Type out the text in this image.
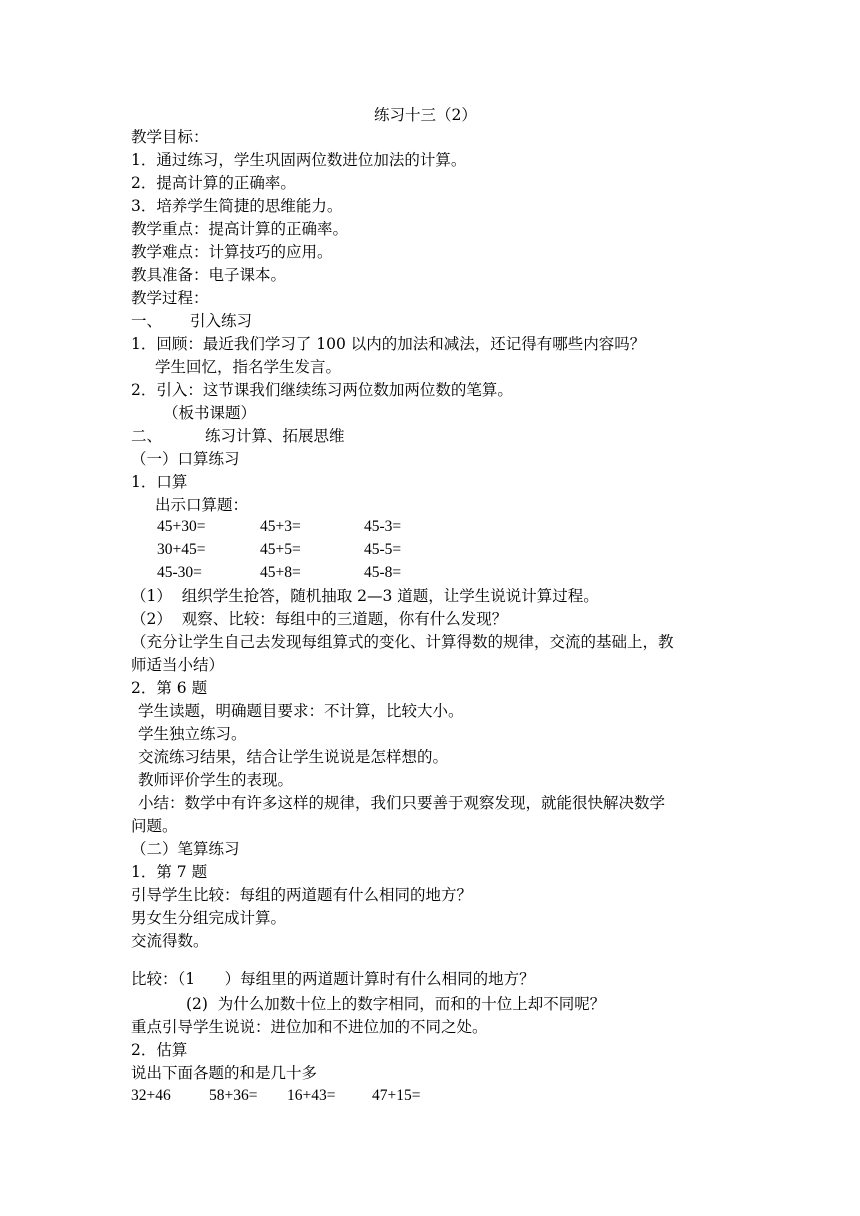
练习十三（2）
教学目标：
1．通过练习，学生巩固两位数进位加法的计算。
2．提高计算的正确率。
3．培养学生简捷的思维能力。
教学重点：提高计算的正确率。
教学难点：计算技巧的应用。
教具准备：电子课本。
教学过程：
一、 引入练习
1．回顾：最近我们学习了 100 以内的加法和减法，还记得有哪些内容吗？
学生回忆，指名学生发言。
2．引入：这节课我们继续练习两位数加两位数的笔算。
（板书课题）
二、	练习计算、拓展思维
（一）口算练习
1．口算
出示口算题：
45+30=	45+3=	45-3=
30+45=	45+5=	45-5=
45-30=	45+8=	45-8=
（1）  组织学生抢答，随机抽取 2—3 道题，让学生说说计算过程。
（2）  观察、比较：每组中的三道题，你有什么发现？
（充分让学生自己去发现每组算式的变化、计算得数的规律，交流的基础上，教
师适当小结）
2．第 6 题
学生读题，明确题目要求：不计算，比较大小。
学生独立练习。
交流练习结果，结合让学生说说是怎样想的。
教师评价学生的表现。
小结：数学中有许多这样的规律，我们只要善于观察发现，就能很快解决数学
问题。
（二）笔算练习
1．第 7 题
引导学生比较：每组的两道题有什么相同的地方？
男女生分组完成计算。
交流得数。
比较：（1      ）每组里的两道题计算时有什么相同的地方？
(2)  为什么加数十位上的数字相同，而和的十位上却不同呢？
重点引导学生说说：进位加和不进位加的不同之处。
2．估算
说出下面各题的和是几十多
32+46 58+36= 16+43= 47+15=
